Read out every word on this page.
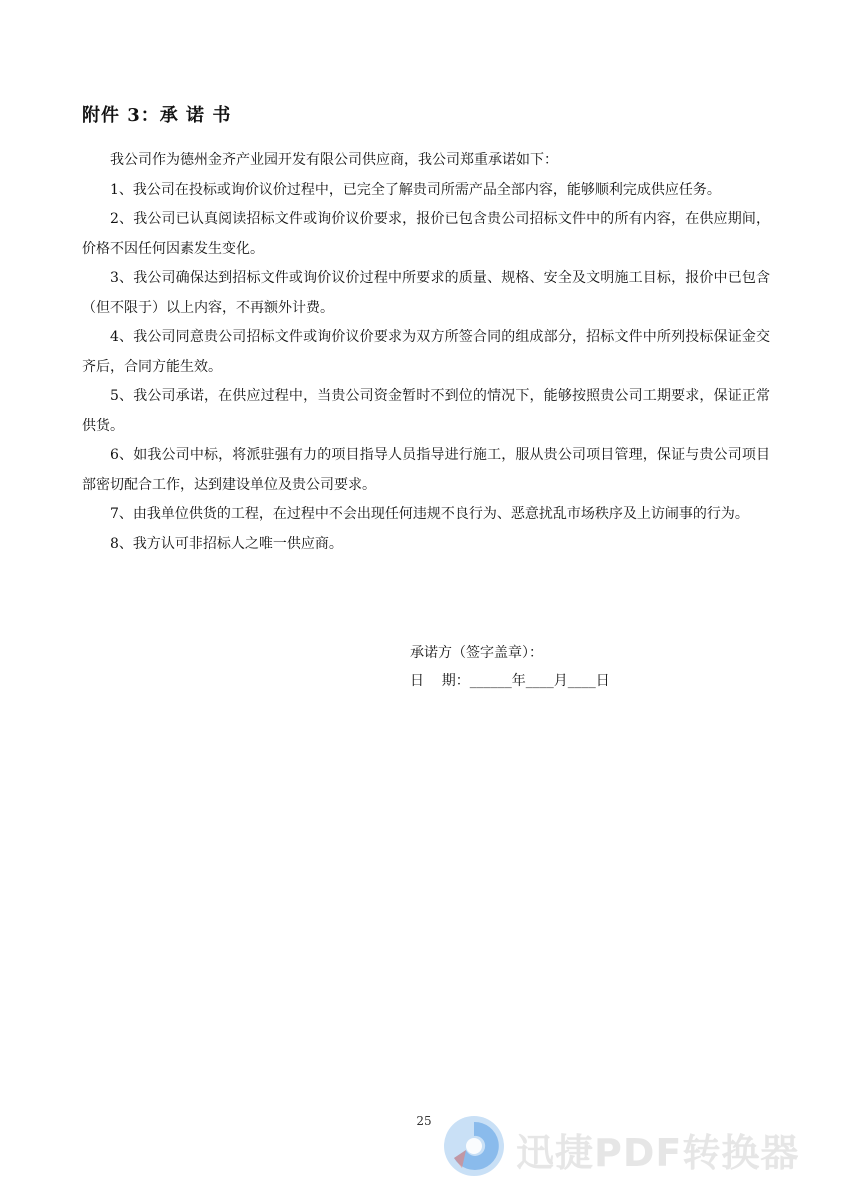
附件 3：承 诺 书

我公司作为德州金齐产业园开发有限公司供应商，我公司郑重承诺如下：

1、我公司在投标或询价议价过程中，已完全了解贵司所需产品全部内容，能够顺利完成供应任务。

2、我公司已认真阅读招标文件或询价议价要求，报价已包含贵公司招标文件中的所有内容，在供应期间，价格不因任何因素发生变化。

3、我公司确保达到招标文件或询价议价过程中所要求的质量、规格、安全及文明施工目标，报价中已包含（但不限于）以上内容，不再额外计费。

4、我公司同意贵公司招标文件或询价议价要求为双方所签合同的组成部分，招标文件中所列投标保证金交齐后，合同方能生效。

5、我公司承诺，在供应过程中，当贵公司资金暂时不到位的情况下，能够按照贵公司工期要求，保证正常供货。

6、如我公司中标，将派驻强有力的项目指导人员指导进行施工，服从贵公司项目管理，保证与贵公司项目部密切配合工作，达到建设单位及贵公司要求。

7、由我单位供货的工程，在过程中不会出现任何违规不良行为、恶意扰乱市场秩序及上访闹事的行为。

8、我方认可非招标人之唯一供应商。

承诺方（签字盖章）：
日    期：______年____月____日
25
迅捷PDF转换器
